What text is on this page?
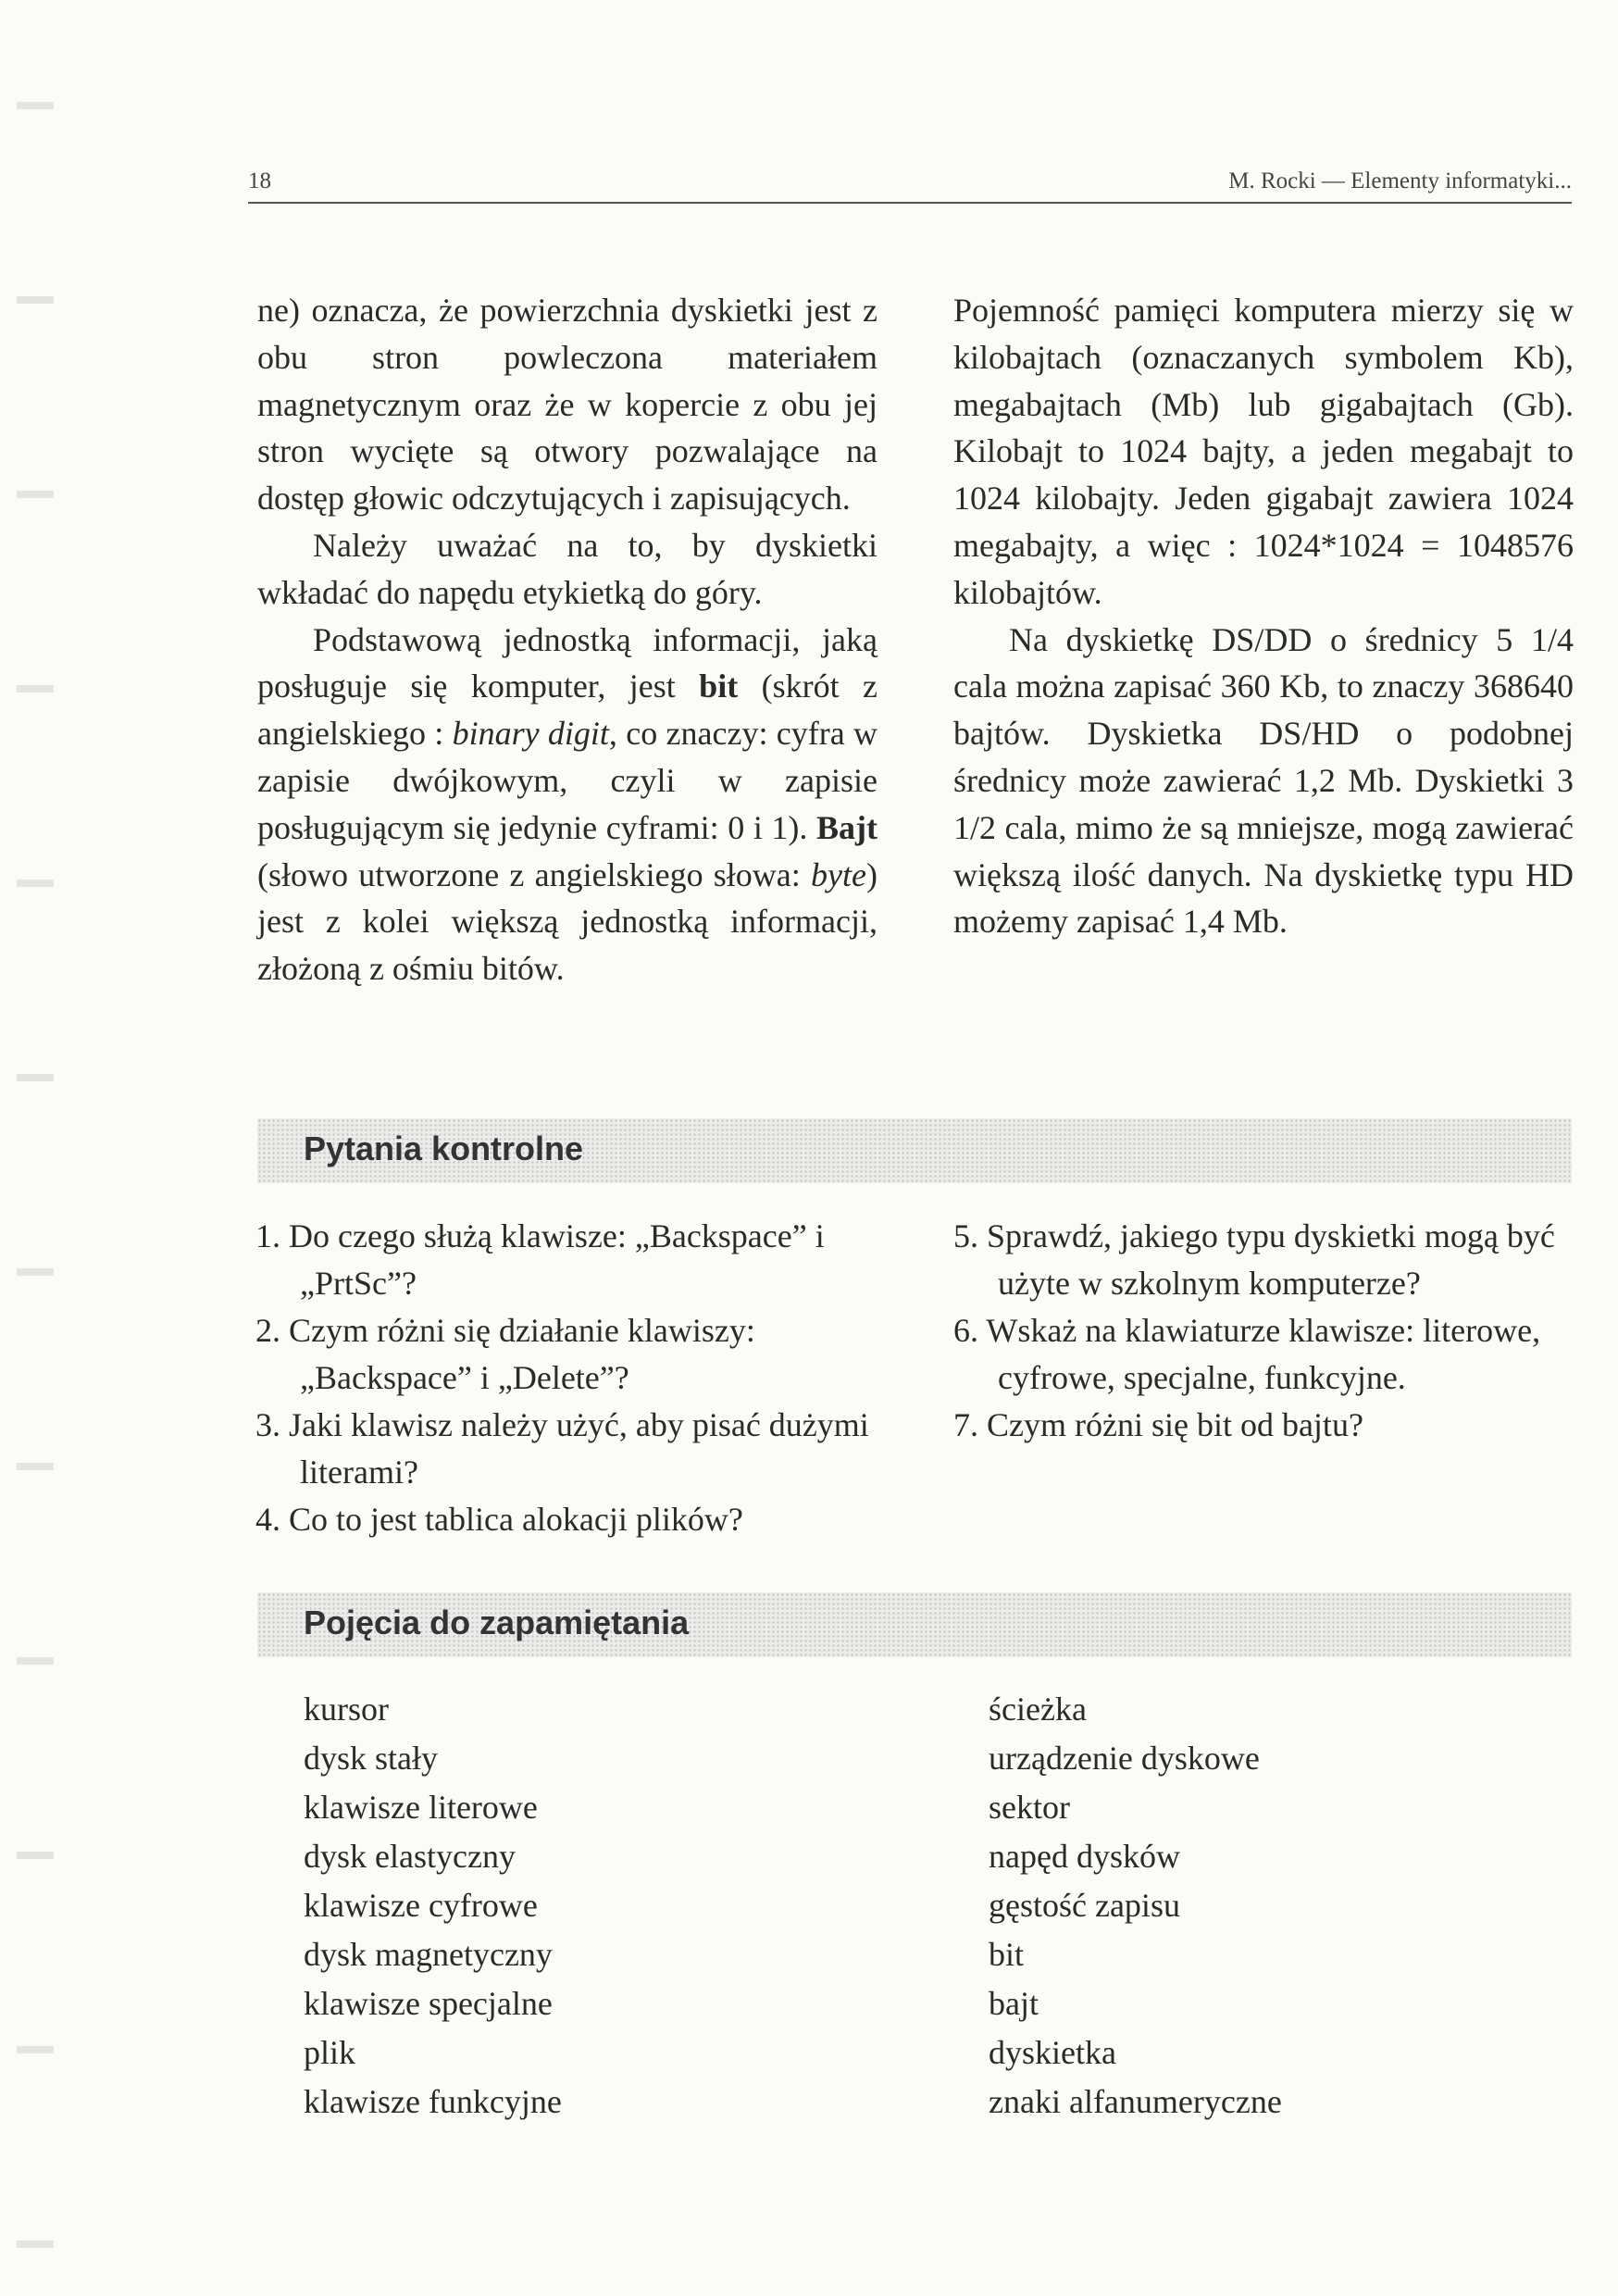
18	M. Rocki — Elementy informatyki...

ne) oznacza, że powierzchnia dyskietki jest z obu stron powleczona materiałem magnetycznym oraz że w kopercie z obu jej stron wycięte są otwory pozwalające na dostęp głowic odczytujących i zapisujących.

Należy uważać na to, by dyskietki wkładać do napędu etykietką do góry.

Podstawową jednostką informacji, jaką posługuje się komputer, jest bit (skrót z angielskiego : binary digit, co znaczy: cyfra w zapisie dwójkowym, czyli w zapisie posługującym się jedynie cyframi: 0 i 1). Bajt (słowo utworzone z angielskiego słowa: byte) jest z kolei większą jednostką informacji, złożoną z ośmiu bitów.

Pojemność pamięci komputera mierzy się w kilobajtach (oznaczanych symbolem Kb), megabajtach (Mb) lub gigabajtach (Gb). Kilobajt to 1024 bajty, a jeden megabajt to 1024 kilobajty. Jeden gigabajt zawiera 1024 megabajty, a więc : 1024*1024 = 1048576 kilobajtów.

Na dyskietkę DS/DD o średnicy 5 1/4 cala można zapisać 360 Kb, to znaczy 368640 bajtów. Dyskietka DS/HD o podobnej średnicy może zawierać 1,2 Mb. Dyskietki 3 1/2 cala, mimo że są mniejsze, mogą zawierać większą ilość danych. Na dyskietkę typu HD możemy zapisać 1,4 Mb.

Pytania kontrolne
1. Do czego służą klawisze: „Backspace” i „PrtSc”?
2. Czym różni się działanie klawiszy: „Backspace” i „Delete”?
3. Jaki klawisz należy użyć, aby pisać dużymi literami?
4. Co to jest tablica alokacji plików?
5. Sprawdź, jakiego typu dyskietki mogą być użyte w szkolnym komputerze?
6. Wskaż na klawiaturze klawisze: literowe, cyfrowe, specjalne, funkcyjne.
7. Czym różni się bit od bajtu?
Pojęcia do zapamiętania
kursor
dysk stały
klawisze literowe
dysk elastyczny
klawisze cyfrowe
dysk magnetyczny
klawisze specjalne
plik
klawisze funkcyjne
ścieżka
urządzenie dyskowe
sektor
napęd dysków
gęstość zapisu
bit
bajt
dyskietka
znaki alfanumeryczne
